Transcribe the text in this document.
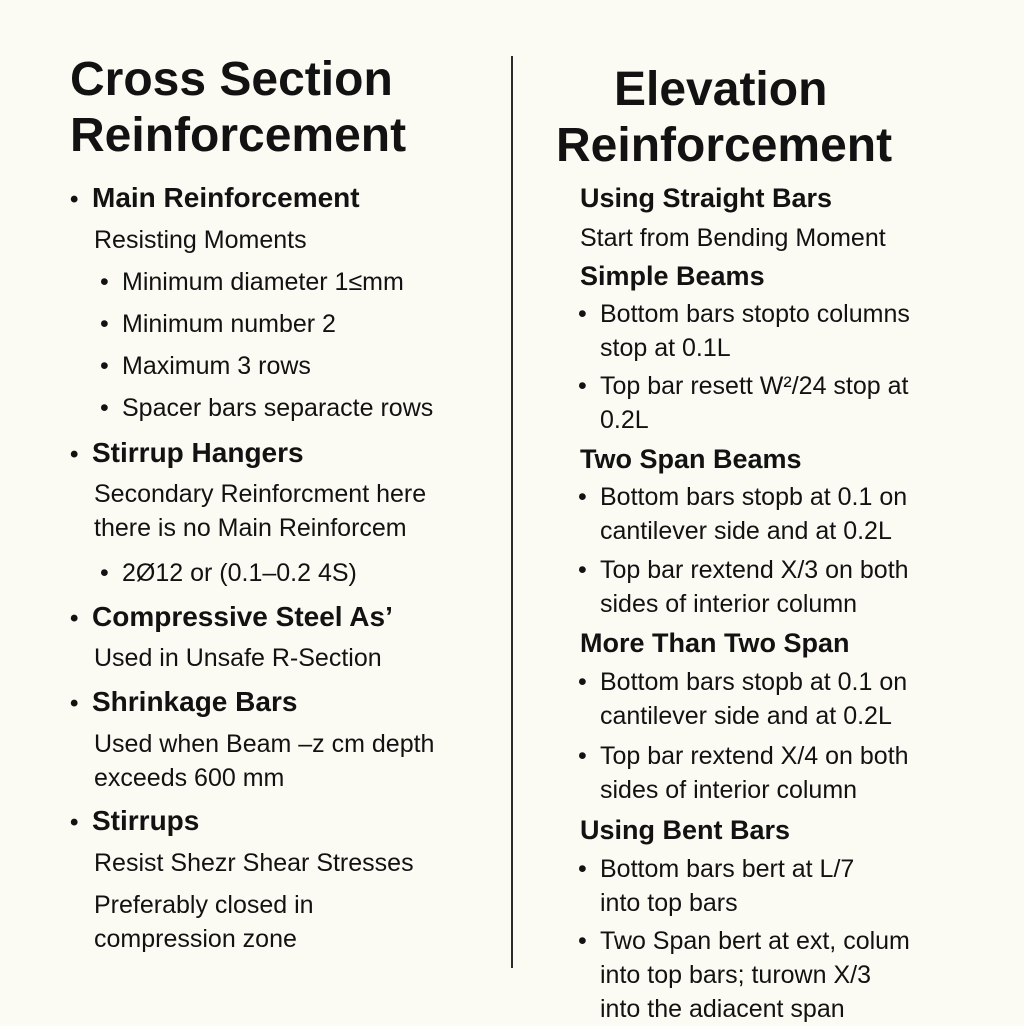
Cross Section
Reinforcement
• Main Reinforcement
Resisting Moments
• Minimum diameter 1≤mm
• Minimum number 2
• Maximum 3 rows
• Spacer bars separacte rows
• Stirrup Hangers
Secondary Reinforcment here
there is no Main Reinforcem
• 2Ø12 or (0.1–0.2 4S)
• Compressive Steel As’
Used in Unsafe R-Section
• Shrinkage Bars
Used when Beam –z cm depth
exceeds 600 mm
• Stirrups
Resist Shezr Shear Stresses
Preferably closed in
compression zone
Elevation
Reinforcement
Using Straight Bars
Start from Bending Moment
Simple Beams
• Bottom bars stopto columns
stop at 0.1L
• Top bar resett W²/24 stop at
0.2L
Two Span Beams
• Bottom bars stopb at 0.1 on
cantilever side and at 0.2L
• Top bar rextend X/3 on both
sides of interior column
More Than Two Span
• Bottom bars stopb at 0.1 on
cantilever side and at 0.2L
• Top bar rextend X/4 on both
sides of interior column
Using Bent Bars
• Bottom bars bert at L/7
into top bars
• Two Span bert at ext, colum
into top bars; turown X/3
into the adiacent span
